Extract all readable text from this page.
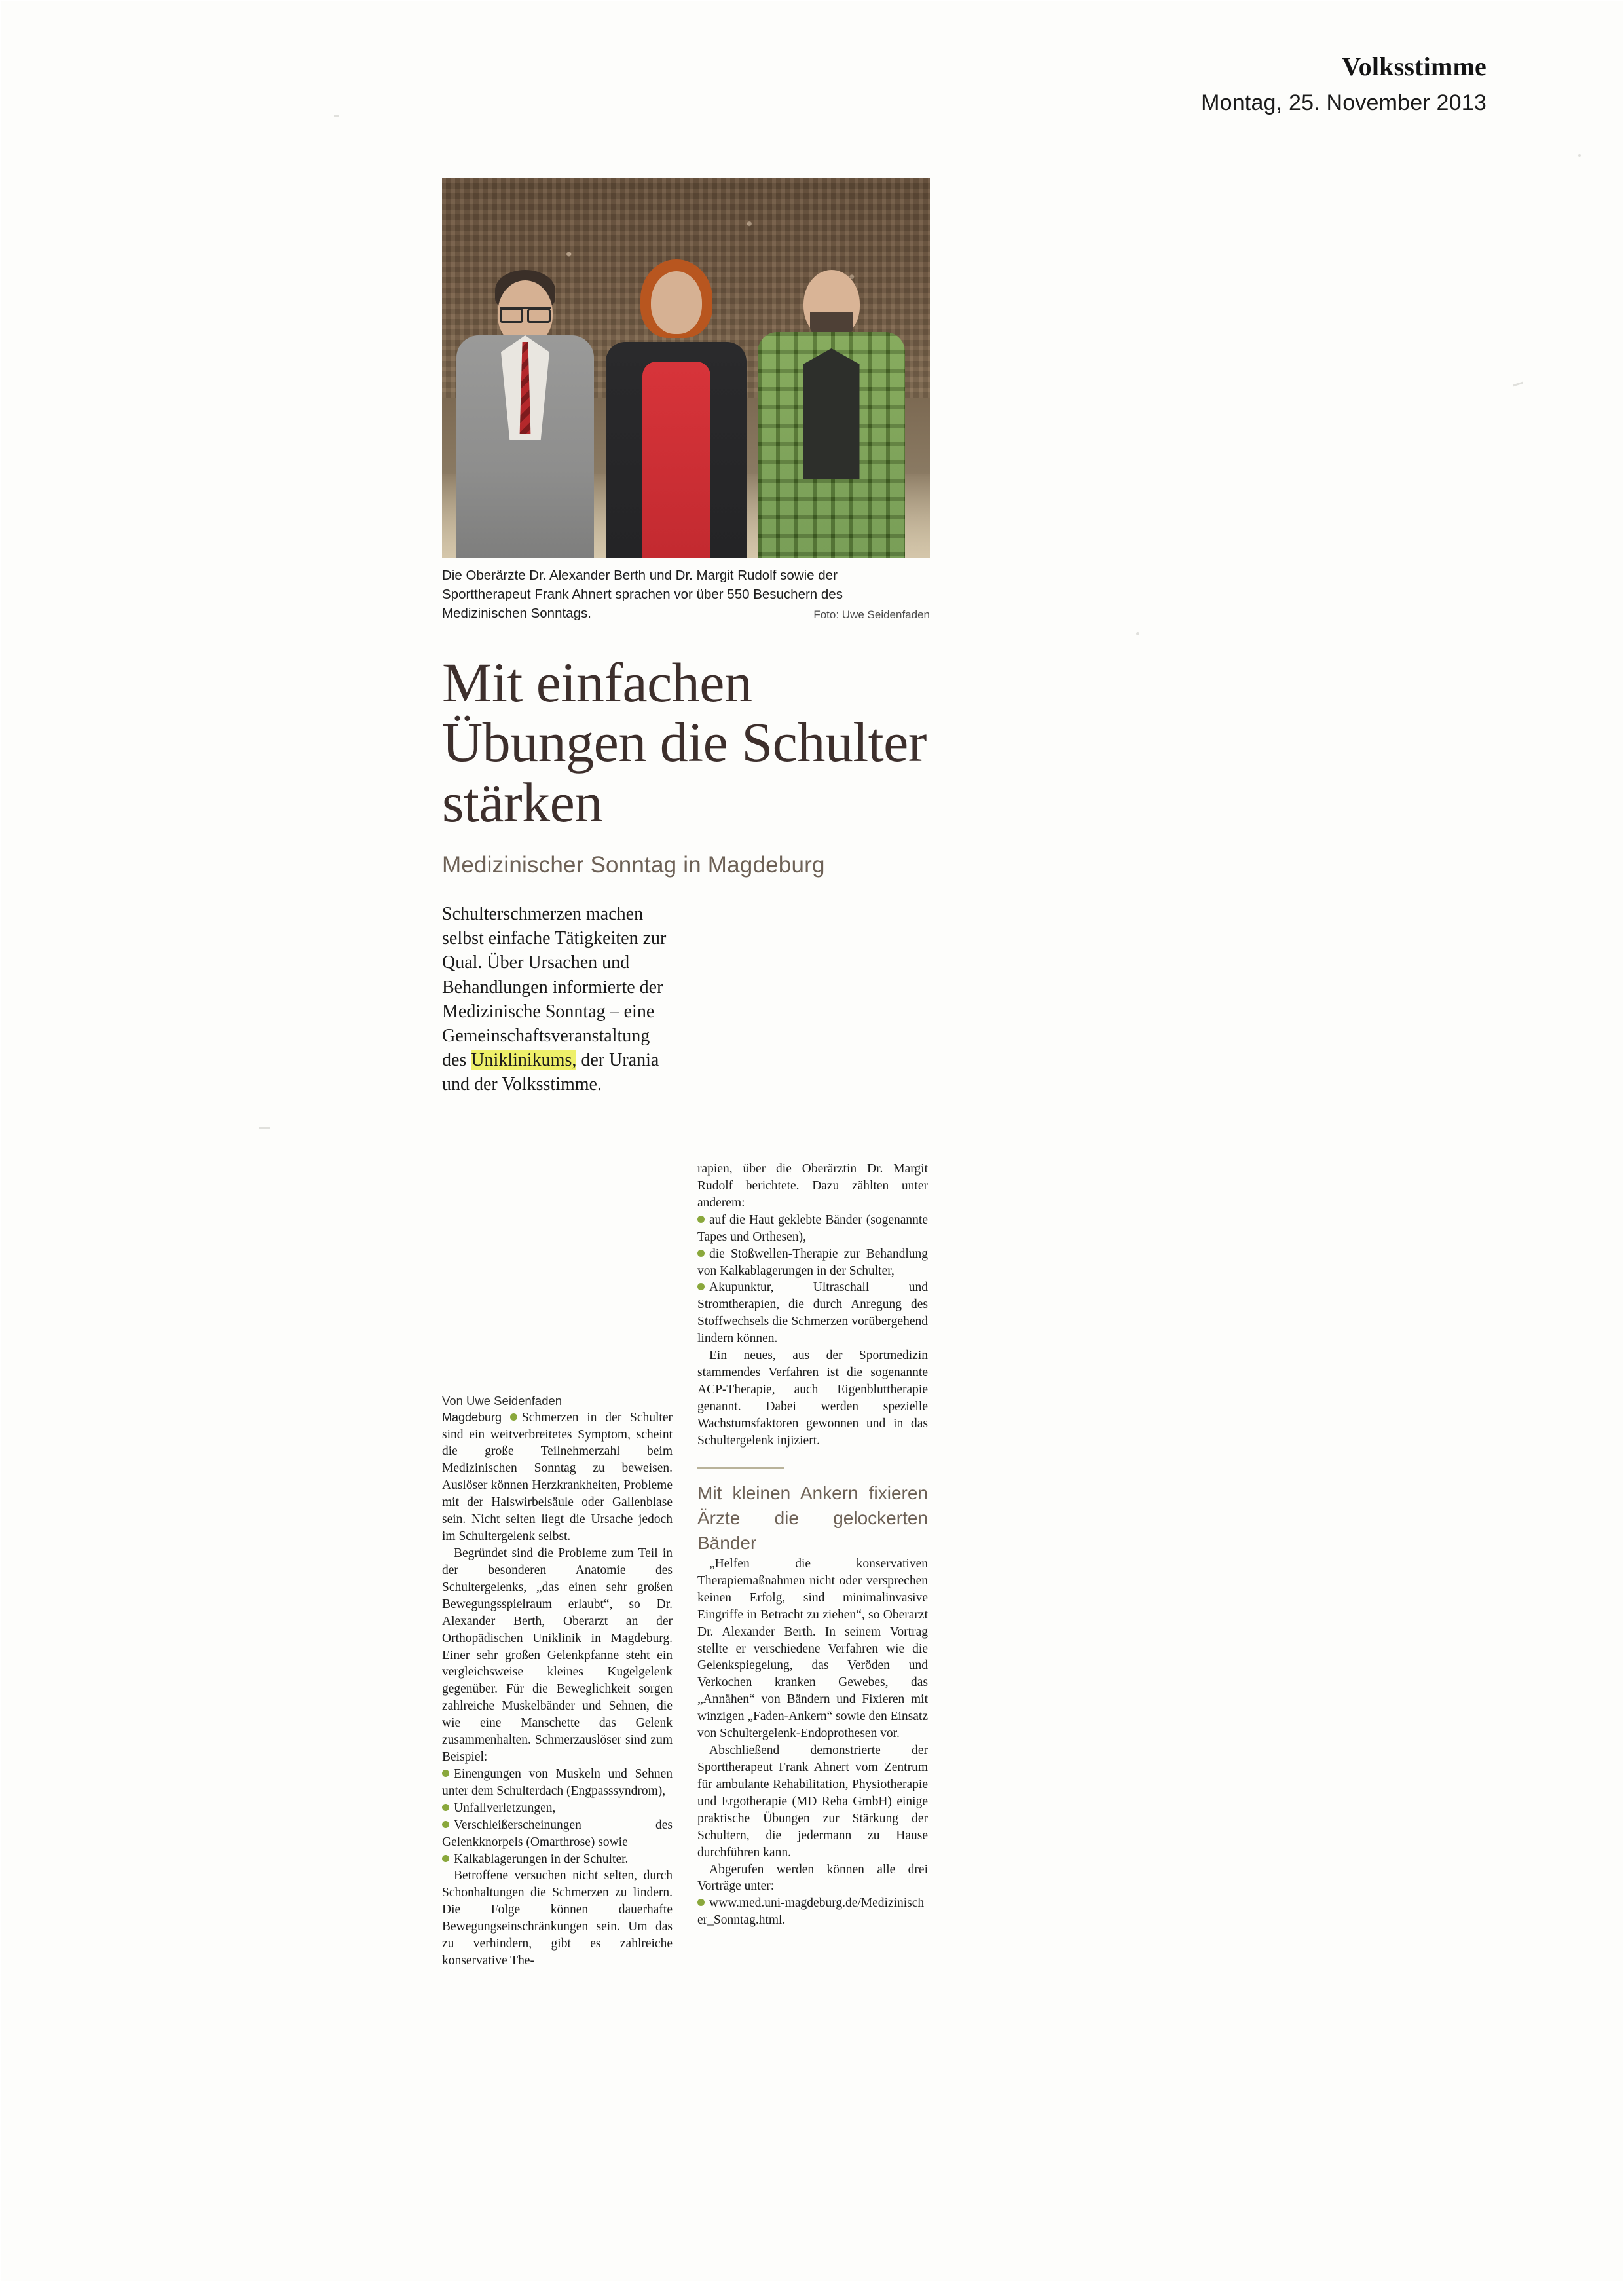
Volksstimme
Montag, 25. November 2013
Die Oberärzte Dr. Alexander Berth und Dr. Margit Rudolf sowie der Sporttherapeut Frank Ahnert sprachen vor über 550 Besuchern des Medizinischen Sonntags.	Foto: Uwe Seidenfaden
Mit einfachen Übungen die Schulter stärken
Medizinischer Sonntag in Magdeburg
Schulterschmerzen machen selbst einfache Tätigkeiten zur Qual. Über Ursachen und Behandlungen informierte der Medizinische Sonntag – eine Gemeinschaftsveranstaltung des Uniklinikums, der Urania und der Volksstimme.

Von Uwe Seidenfaden

Magdeburg Schmerzen in der Schulter sind ein weitverbreitetes Symptom, scheint die große Teilnehmerzahl beim Medizinischen Sonntag zu beweisen. Auslöser können Herzkrankheiten, Probleme mit der Halswirbelsäule oder Gallenblase sein. Nicht selten liegt die Ursache jedoch im Schultergelenk selbst.

Begründet sind die Probleme zum Teil in der besonderen Anatomie des Schultergelenks, „das einen sehr großen Bewegungsspielraum erlaubt“, so Dr. Alexander Berth, Oberarzt an der Orthopädischen Uniklinik in Magdeburg. Einer sehr großen Gelenkpfanne steht ein vergleichsweise kleines Kugelgelenk gegenüber. Für die Beweglichkeit sorgen zahlreiche Muskelbänder und Sehnen, die wie eine Manschette das Gelenk zusammenhalten. Schmerzauslöser sind zum Beispiel:

Einengungen von Muskeln und Sehnen unter dem Schulterdach (Engpasssyndrom),

Unfallverletzungen,

Verschleißerscheinungen des Gelenkknorpels (Omarthrose) sowie

Kalkablagerungen in der Schulter.

Betroffene versuchen nicht selten, durch Schonhaltungen die Schmerzen zu lindern. Die Folge können dauerhafte Bewegungseinschränkungen sein. Um das zu verhindern, gibt es zahlreiche konservative The-

rapien, über die Oberärztin Dr. Margit Rudolf berichtete. Dazu zählten unter anderem:

auf die Haut geklebte Bänder (sogenannte Tapes und Orthesen),

die Stoßwellen-Therapie zur Behandlung von Kalkablagerungen in der Schulter,

Akupunktur, Ultraschall und Stromtherapien, die durch Anregung des Stoffwechsels die Schmerzen vorübergehend lindern können.

Ein neues, aus der Sportmedizin stammendes Verfahren ist die sogenannte ACP-Therapie, auch Eigenbluttherapie genannt. Dabei werden spezielle Wachstumsfaktoren gewonnen und in das Schultergelenk injiziert.

Mit kleinen Ankern fixieren Ärzte die gelockerten Bänder

„Helfen die konservativen Therapiemaßnahmen nicht oder versprechen keinen Erfolg, sind minimalinvasive Eingriffe in Betracht zu ziehen“, so Oberarzt Dr. Alexander Berth. In seinem Vortrag stellte er verschiedene Verfahren wie die Gelenkspiegelung, das Veröden und Verkochen kranken Gewebes, das „Annähen“ von Bändern und Fixieren mit winzigen „Faden-Ankern“ sowie den Einsatz von Schultergelenk-Endoprothesen vor.

Abschließend demonstrierte der Sporttherapeut Frank Ahnert vom Zentrum für ambulante Rehabilitation, Physiotherapie und Ergotherapie (MD Reha GmbH) einige praktische Übungen zur Stärkung der Schultern, die jedermann zu Hause durchführen kann.

Abgerufen werden können alle drei Vorträge unter:

www.med.uni-magdeburg.de/Medizinischer_Sonntag.html.
